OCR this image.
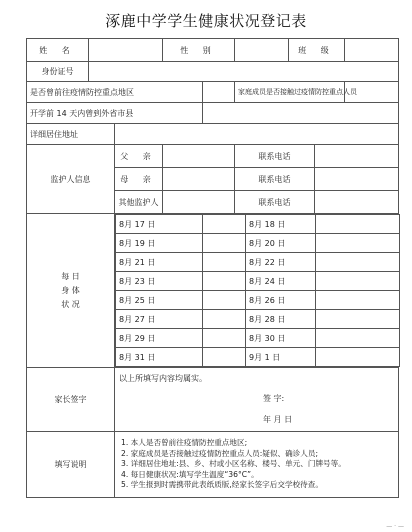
涿鹿中学学生健康状况登记表
姓 名		性 别		班 级	
身份证号	
是否曾前往疫情防控重点地区		家庭成员是否接触过疫情防控重点人员	
开学前 14 天内曾到外省市县	
详细居住地址	
监护人信息	父 亲		联系电话	
母 亲		联系电话	
其他监护人		联系电话	
每 日
身 体
状 况	
8月 17 日		8月 18 日	
8月 19 日		8月 20 日	
8月 21 日		8月 22 日	
8月 23 日		8月 24 日	
8月 25 日		8月 26 日	
8月 27 日		8月 28 日	
8月 29 日		8月 30 日	
8月 31 日		9月 1 日	

家长签字	
以上所填写内容均属实。
签 字:
年 月 日

填写说明	
1. 本人是否曾前往疫情防控重点地区;
2. 家庭成员是否接触过疫情防控重点人员:疑似、确诊人员;
3. 详细居住地址:县、乡、村或小区名称、楼号、单元、门牌号等。
4. 每日健康状况:填写学生温度“36°C”。
5. 学生报到时需携带此表纸质版,经家长签字后交学校待查。
— · —
